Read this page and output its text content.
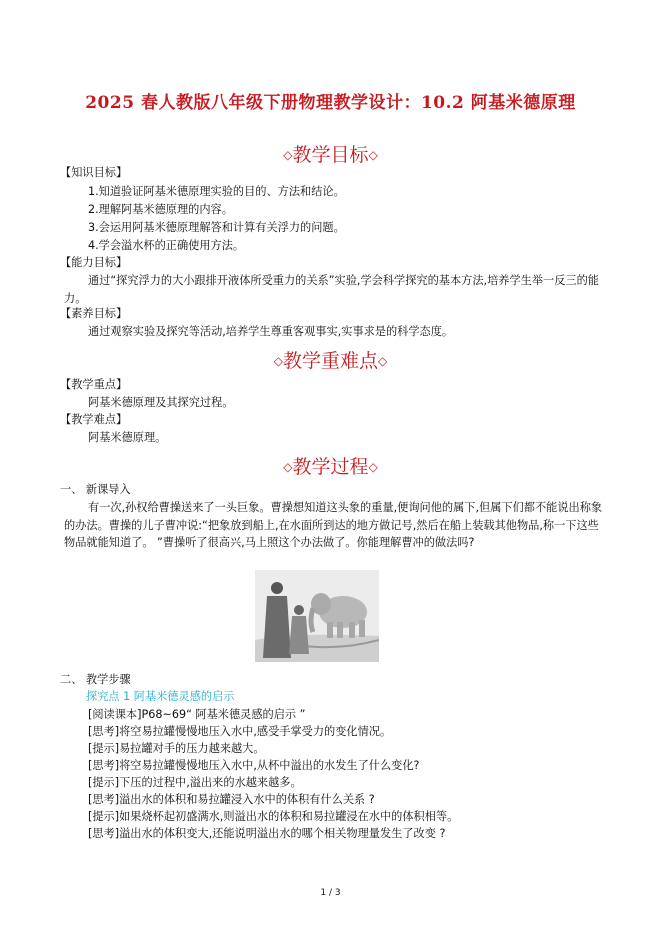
2025 春人教版八年级下册物理教学设计：10.2 阿基米德原理
◇教学目标◇
【知识目标】
1.知道验证阿基米德原理实验的目的、方法和结论。
2.理解阿基米德原理的内容。
3.会运用阿基米德原理解答和计算有关浮力的问题。
4.学会溢水杯的正确使用方法。
【能力目标】
通过“探究浮力的大小跟排开液体所受重力的关系”实验,学会科学探究的基本方法,培养学生举一反三的能力。
【素养目标】
通过观察实验及探究等活动,培养学生尊重客观事实,实事求是的科学态度。
◇教学重难点◇
【教学重点】
阿基米德原理及其探究过程。
【教学难点】
阿基米德原理。
◇教学过程◇
一、 新课导入
有一次,孙权给曹操送来了一头巨象。曹操想知道这头象的重量,便询问他的属下,但属下们都不能说出称象的办法。曹操的儿子曹冲说:“把象放到船上,在水面所到达的地方做记号,然后在船上装载其他物品,称一下这些物品就能知道了。 ”曹操听了很高兴,马上照这个办法做了。你能理解曹冲的做法吗?
二、 教学步骤
探究点 1 阿基米德灵感的启示
[阅读课本]P68~69“ 阿基米德灵感的启示 ”
[思考]将空易拉罐慢慢地压入水中,感受手掌受力的变化情况。
[提示]易拉罐对手的压力越来越大。
[思考]将空易拉罐慢慢地压入水中,从杯中溢出的水发生了什么变化?
[提示]下压的过程中,溢出来的水越来越多。
[思考]溢出水的体积和易拉罐浸入水中的体积有什么关系 ?
[提示]如果烧杯起初盛满水,则溢出水的体积和易拉罐浸在水中的体积相等。
[思考]溢出水的体积变大,还能说明溢出水的哪个相关物理量发生了改变 ?
1 / 3
